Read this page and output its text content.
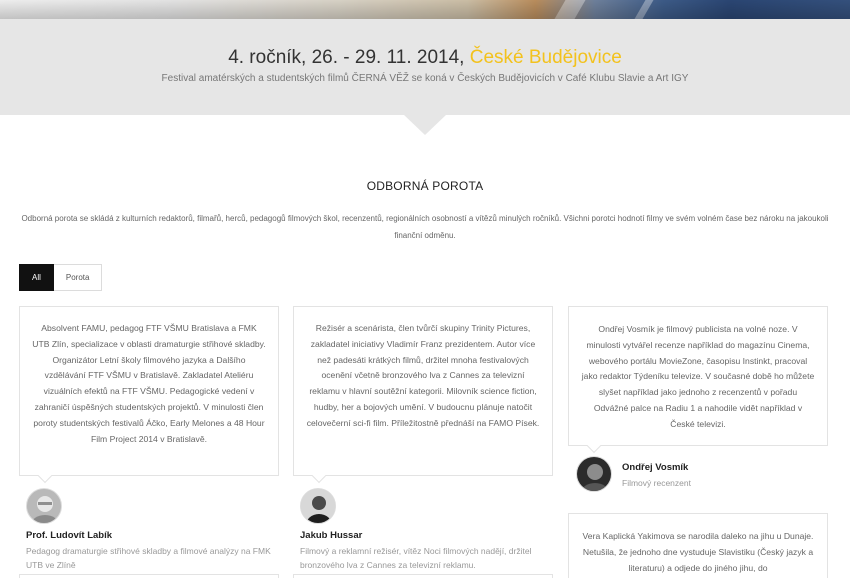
4. ročník, 26. - 29. 11. 2014, České Budějovice
Festival amatérských a studentských filmů ČERNÁ VĚŽ se koná v Českých Budějovicích v Café Klubu Slavie a Art IGY
ODBORNÁ POROTA
Odborná porota se skládá z kulturních redaktorů, filmařů, herců, pedagogů filmových škol, recenzentů, regionálních osobností a vítězů minulých ročníků. Všichni porotci hodnotí filmy ve svém volném čase bez nároku na jakoukoli finanční odměnu.
All	Porota
Absolvent FAMU, pedagog FTF VŠMU Bratislava a FMK UTB Zlín, specializace v oblasti dramaturgie střihové skladby. Organizátor Letní školy filmového jazyka a Dalšího vzdělávání FTF VŠMU v Bratislavě. Zakladatel Ateliéru vizuálních efektů na FTF VŠMU. Pedagogické vedení v zahraničí úspěšných studentských projektů. V minulosti člen poroty studentských festivalů Áčko, Early Melones a 48 Hour Film Project 2014 v Bratislavě.
Prof. Ludovít Labík
Pedagog dramaturgie střihové skladby a filmové analýzy na FMK UTB ve Zlíně
Režisér a scenárista, člen tvůrčí skupiny Trinity Pictures, zakladatel iniciativy Vladimír Franz prezidentem. Autor více než padesáti krátkých filmů, držitel mnoha festivalových ocenění včetně bronzového lva z Cannes za televizní reklamu v hlavní soutěžní kategorii. Milovník science fiction, hudby, her a bojových umění. V budoucnu plánuje natočit celovečerní sci-fi film. Příležitostně přednáší na FAMO Písek.
Jakub Hussar
Filmový a reklamní režisér, vítěz Noci filmových nadějí, držitel bronzového lva z Cannes za televizní reklamu.
Ondřej Vosmík je filmový publicista na volné noze. V minulosti vytvářel recenze například do magazínu Cinema, webového portálu MovieZone, časopisu Instinkt, pracoval jako redaktor Týdeníku televize. V současné době ho můžete slyšet například jako jednoho z recenzentů v pořadu Odvážné palce na Radiu 1 a nahodile vidět například v České televizi.
Ondřej Vosmík
Filmový recenzent
Vera Kaplická Yakimova se narodila daleko na jihu u Dunaje. Netušila, že jednoho dne vystuduje Slavistiku (Český jazyk a literaturu) a odjede do jiného jihu, do
